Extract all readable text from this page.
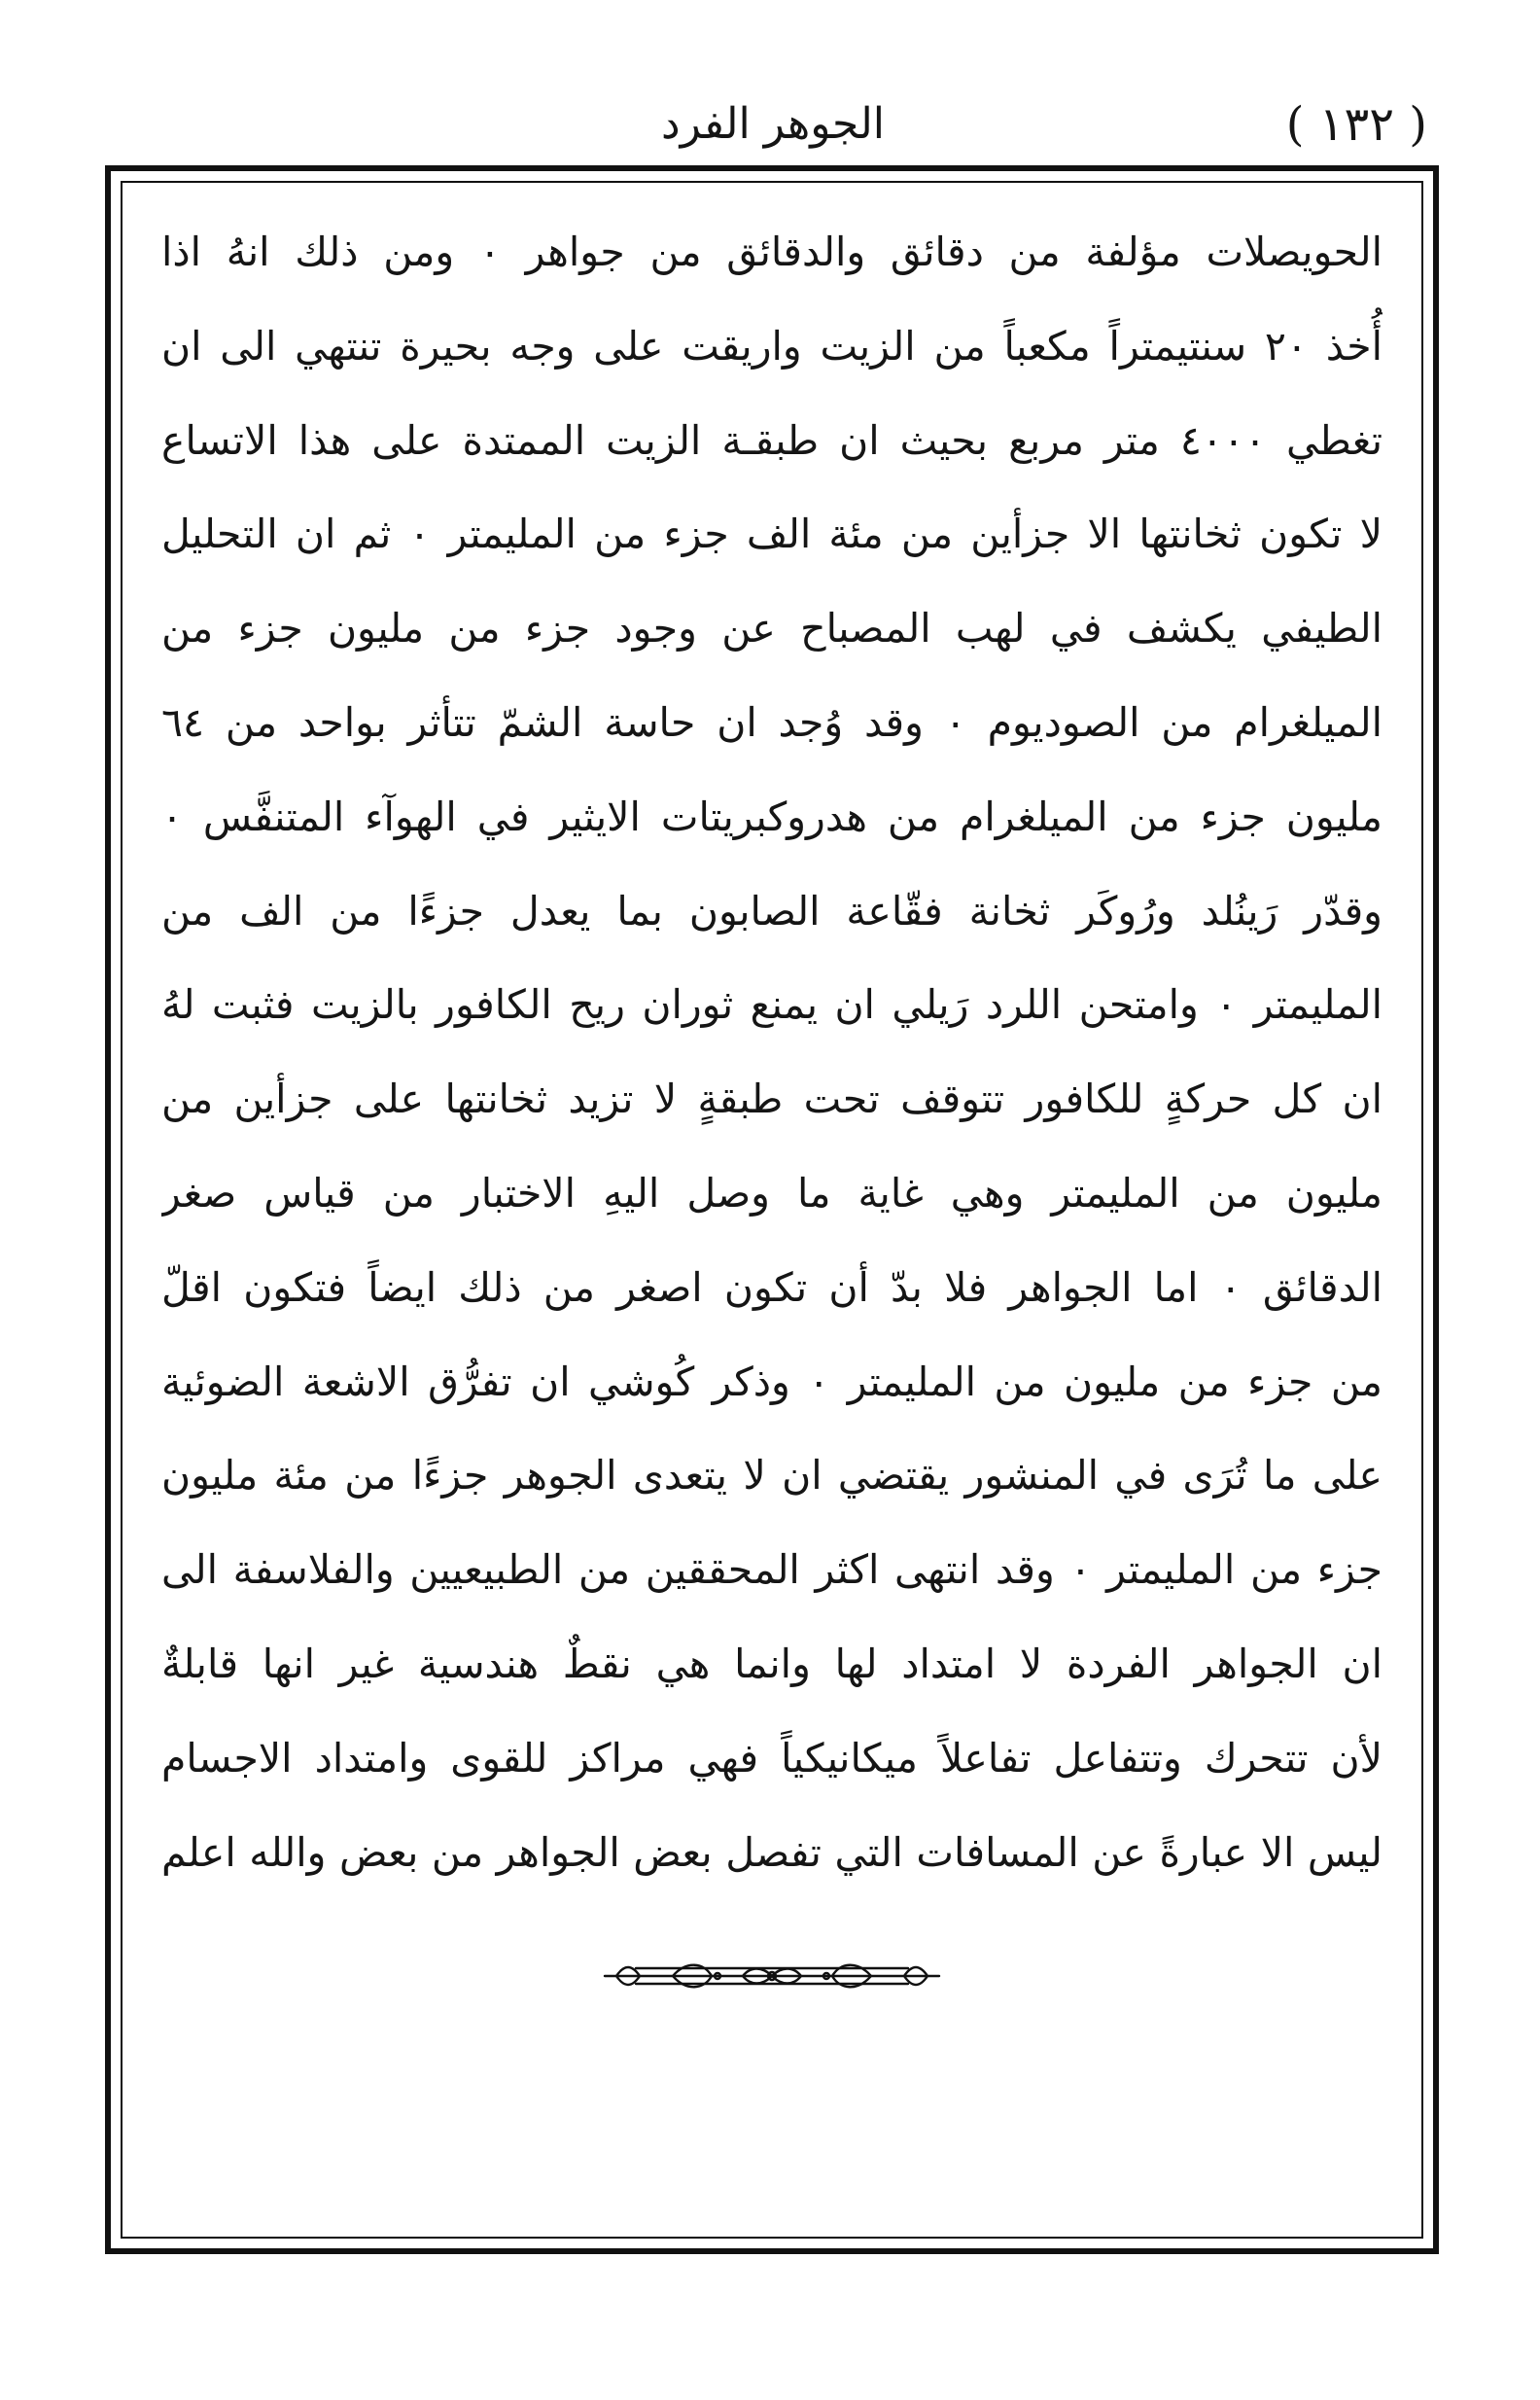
( ١٣٢ )
الجوهر الفرد
الحويصلات مؤلفة من دقائق والدقائق من جواهر ٠ ومن ذلك انهُ اذا
أُخذ ٢٠ سنتيمتراً مكعباً من الزيت واريقت على وجه بحيرة تنتهي الى ان
تغطي ٤٠٠٠ متر مربع بحيث ان طبقـة الزيت الممتدة على هذا الاتساع
لا تكون ثخانتها الا جزأين من مئة الف جزء من المليمتر ٠ ثم ان التحليل
الطيفي يكشف في لهب المصباح عن وجود جزء من مليون جزء من
الميلغرام من الصوديوم ٠ وقد وُجد ان حاسة الشمّ تتأثر بواحد من ٦٤
مليون جزء من الميلغرام من هدروكبريتات الايثير في الهوآء المتنفَّس ٠
وقدّر رَينُلد ورُوكَر ثخانة فقّاعة الصابون بما يعدل جزءًا من الف من
المليمتر ٠ وامتحن اللرد رَيلي ان يمنع ثوران ريح الكافور بالزيت فثبت لهُ
ان كل حركةٍ للكافور تتوقف تحت طبقةٍ لا تزيد ثخانتها على جزأين من
مليون من المليمتر وهي غاية ما وصل اليهِ الاختبار من قياس صغر
الدقائق ٠ اما الجواهر فلا بدّ أن تكون اصغر من ذلك ايضاً فتكون اقلّ
من جزء من مليون من المليمتر ٠ وذكر كُوشي ان تفرُّق الاشعة الضوئية
على ما تُرَى في المنشور يقتضي ان لا يتعدى الجوهر جزءًا من مئة مليون
جزء من المليمتر ٠ وقد انتهى اكثر المحققين من الطبيعيين والفلاسفة الى
ان الجواهر الفردة لا امتداد لها وانما هي نقطٌ هندسية غير انها قابلةٌ
لأن تتحرك وتتفاعل تفاعلاً ميكانيكياً فهي مراكز للقوى وامتداد الاجسام
ليس الا عبارةً عن المسافات التي تفصل بعض الجواهر من بعض والله اعلم
